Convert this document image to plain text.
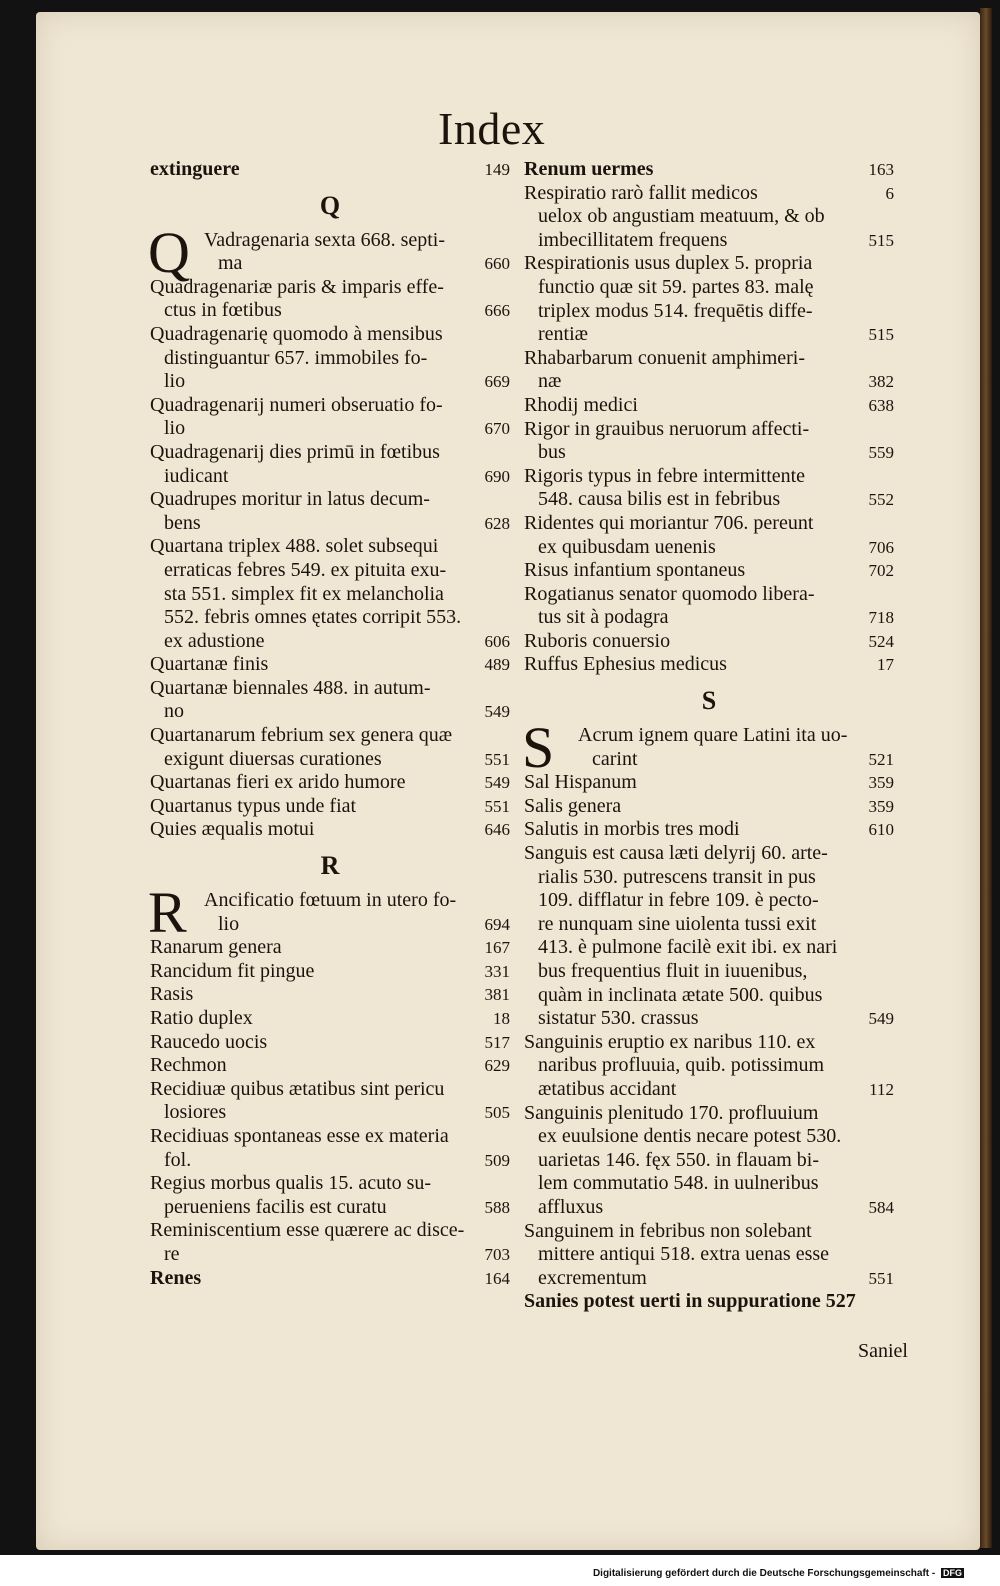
Index
extinguere	149
Q
Q Vadragenaria sexta 668. septi-
ma	660
Quadragenariæ paris & imparis effe-
ctus in fœtibus	666
Quadragenarię quomodo à mensibus
distinguantur 657. immobiles fo-
lio	669
Quadragenarij numeri obseruatio fo-
lio	670
Quadragenarij dies primū in fœtibus
iudicant	690
Quadrupes moritur in latus decum-
bens	628
Quartana triplex 488. solet subsequi
erraticas febres 549. ex pituita exu-
sta 551. simplex fit ex melancholia
552. febris omnes ętates corripit 553.
ex adustione	606
Quartanæ finis	489
Quartanæ biennales 488. in autum-
no	549
Quartanarum febrium sex genera quæ
exigunt diuersas curationes	551
Quartanas fieri ex arido humore	549
Quartanus typus unde fiat	551
Quies æqualis motui	646
R
R Ancificatio fœtuum in utero fo-
lio	694
Ranarum genera	167
Rancidum fit pingue	331
Rasis	381
Ratio duplex	18
Raucedo uocis	517
Rechmon	629
Recidiuæ quibus ætatibus sint pericu
losiores	505
Recidiuas spontaneas esse ex materia
fol.	509
Regius morbus qualis 15. acuto su-
perueniens facilis est curatu	588
Reminiscentium esse quærere ac disce-
re	703
Renes	164
Renum uermes	163
Respiratio rarò fallit medicos	6
uelox ob angustiam meatuum, & ob
imbecillitatem frequens	515
Respirationis usus duplex 5. propria
functio quæ sit 59. partes 83. malę
triplex modus 514. frequētis diffe-
rentiæ	515
Rhabarbarum conuenit amphimeri-
næ	382
Rhodij medici	638
Rigor in grauibus neruorum affecti-
bus	559
Rigoris typus in febre intermittente
548. causa bilis est in febribus	552
Ridentes qui moriantur 706. pereunt
ex quibusdam uenenis	706
Risus infantium spontaneus	702
Rogatianus senator quomodo libera-
tus sit à podagra	718
Ruboris conuersio	524
Ruffus Ephesius medicus	17
S
S Acrum ignem quare Latini ita uo-
carint	521
Sal Hispanum	359
Salis genera	359
Salutis in morbis tres modi	610
Sanguis est causa læti delyrij 60. arte-
rialis 530. putrescens transit in pus
109. difflatur in febre 109. è pecto-
re nunquam sine uiolenta tussi exit
413. è pulmone facilè exit ibi. ex nari
bus frequentius fluit in iuuenibus,
quàm in inclinata ætate 500. quibus
sistatur 530. crassus	549
Sanguinis eruptio ex naribus 110. ex
naribus profluuia, quib. potissimum
ætatibus accidant	112
Sanguinis plenitudo 170. profluuium
ex euulsione dentis necare potest 530.
uarietas 146. fęx 550. in flauam bi-
lem commutatio 548. in uulneribus
affluxus	584
Sanguinem in febribus non solebant
mittere antiqui 518. extra uenas esse
excrementum	551
Sanies potest uerti in suppuratione 527
Saniel
Digitalisierung gefördert durch die Deutsche Forschungsgemeinschaft - DFG
